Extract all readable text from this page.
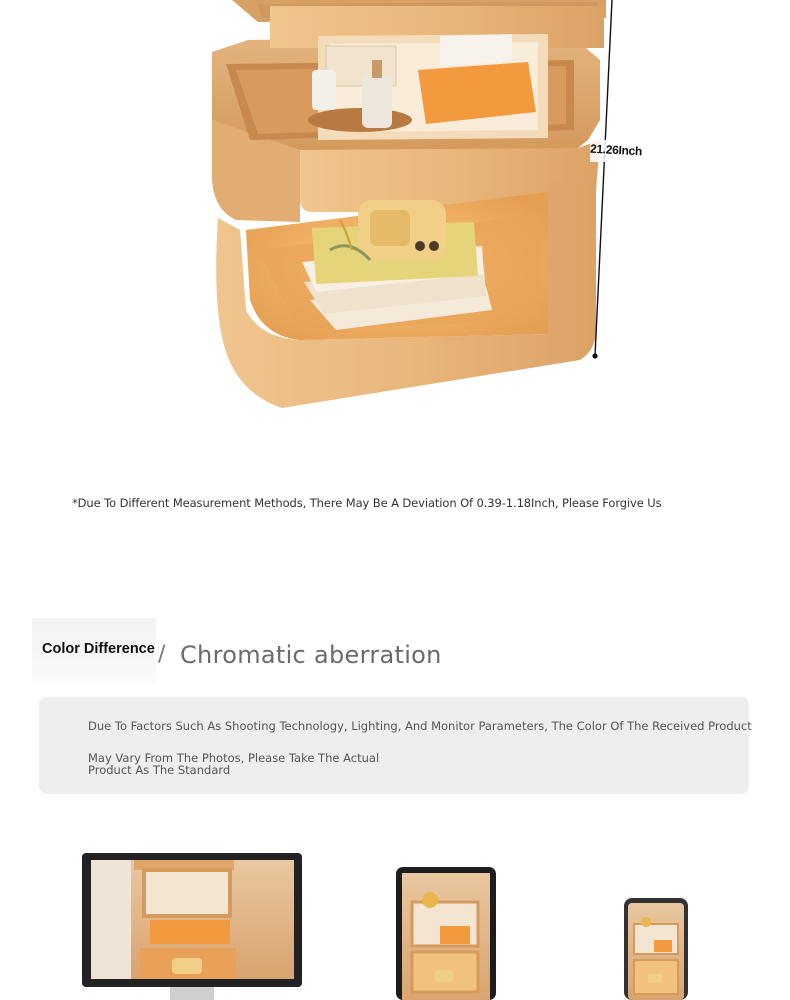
21.26Inch
*Due To Different Measurement Methods, There May Be A Deviation Of 0.39-1.18Inch, Please Forgive Us
Color Difference / Chromatic aberration
Due To Factors Such As Shooting Technology, Lighting, And Monitor Parameters, The Color Of The Received Product
May Vary From The Photos, Please Take The Actual Product As The Standard
